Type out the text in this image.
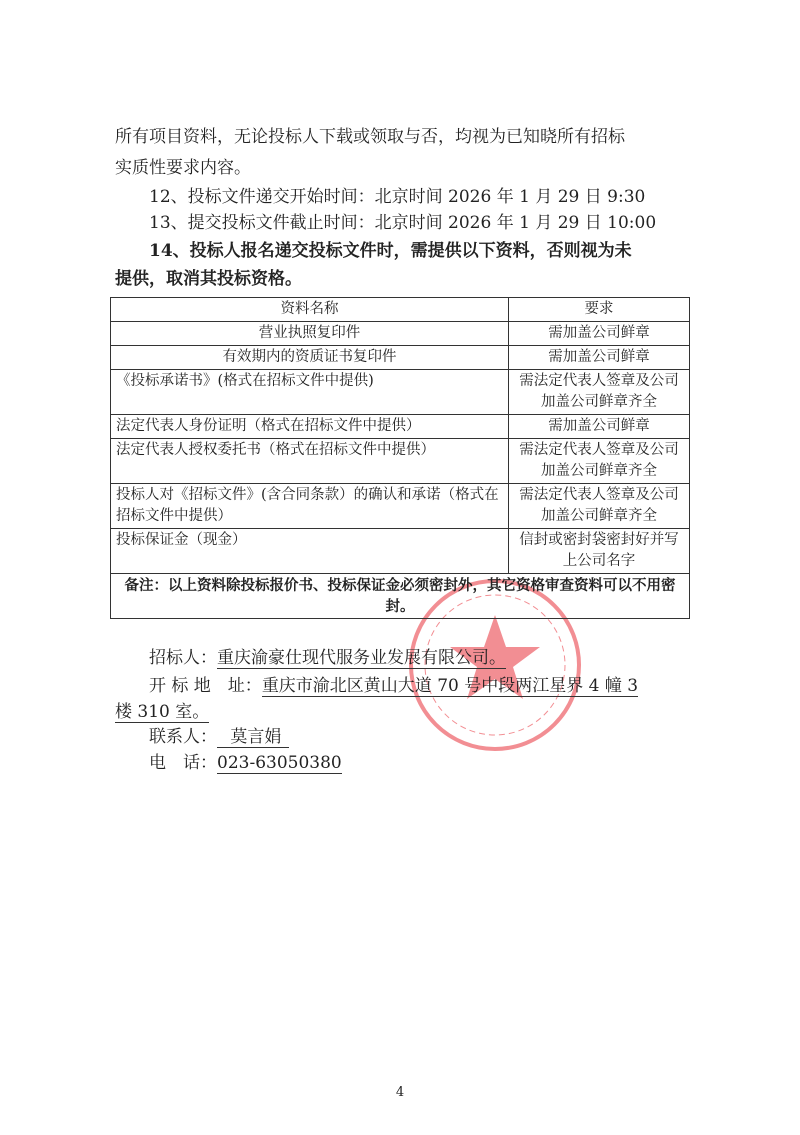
所有项目资料，无论投标人下载或领取与否，均视为已知晓所有招标
实质性要求内容。
12、投标文件递交开始时间：北京时间 2026 年 1 月 29 日 9:30
13、提交投标文件截止时间：北京时间 2026 年 1 月 29 日 10:00
14、投标人报名递交投标文件时，需提供以下资料，否则视为未
提供，取消其投标资格。
资料名称	要求
营业执照复印件	需加盖公司鲜章
有效期内的资质证书复印件	需加盖公司鲜章
《投标承诺书》(格式在招标文件中提供)	需法定代表人签章及公司加盖公司鲜章齐全
法定代表人身份证明（格式在招标文件中提供）	需加盖公司鲜章
法定代表人授权委托书（格式在招标文件中提供）	需法定代表人签章及公司加盖公司鲜章齐全
投标人对《招标文件》(含合同条款）的确认和承诺（格式在招标文件中提供）	需法定代表人签章及公司加盖公司鲜章齐全
投标保证金（现金）	信封或密封袋密封好并写上公司名字
备注：以上资料除投标报价书、投标保证金必须密封外，其它资格审查资料可以不用密封。	
招标人：重庆渝豪仕现代服务业发展有限公司。
开 标 地　址：重庆市渝北区黄山大道 70 号中段两江星界 4 幢 3
楼 310 室。
联系人： 莫言娟
电　话：023-63050380
4
